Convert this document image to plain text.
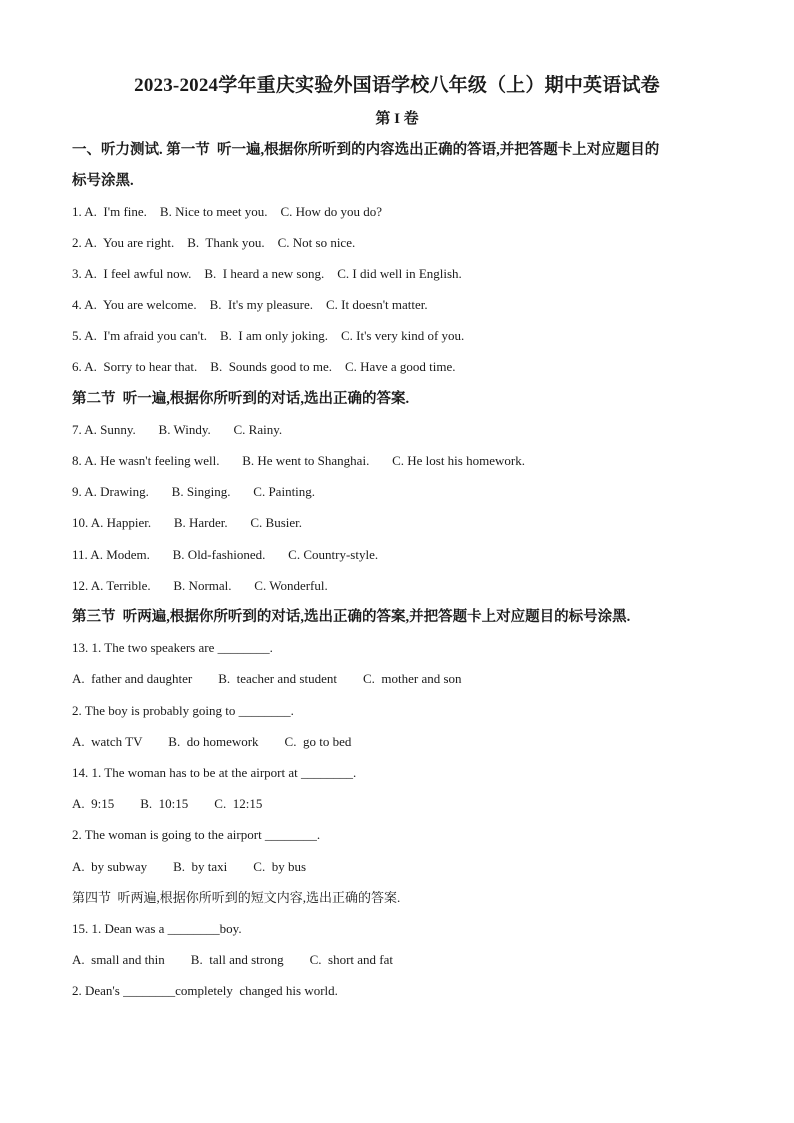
2023-2024学年重庆实验外国语学校八年级（上）期中英语试卷
第 I 卷
一、听力测试. 第一节  听一遍,根据你所听到的内容选出正确的答语,并把答题卡上对应题目的
标号涂黑.
1. A.  I'm fine.    B. Nice to meet you.    C. How do you do?
2. A.  You are right.    B.  Thank you.    C. Not so nice.
3. A.  I feel awful now.    B.  I heard a new song.    C. I did well in English.
4. A.  You are welcome.    B.  It's my pleasure.    C. It doesn't matter.
5. A.  I'm afraid you can't.    B.  I am only joking.    C. It's very kind of you.
6. A.  Sorry to hear that.    B.  Sounds good to me.    C. Have a good time.
第二节  听一遍,根据你所听到的对话,选出正确的答案.
7. A. Sunny.       B. Windy.       C. Rainy.
8. A. He wasn't feeling well.       B. He went to Shanghai.       C. He lost his homework.
9. A. Drawing.       B. Singing.       C. Painting.
10. A. Happier.       B. Harder.       C. Busier.
11. A. Modem.       B. Old-fashioned.       C. Country-style.
12. A. Terrible.       B. Normal.       C. Wonderful.
第三节  听两遍,根据你所听到的对话,选出正确的答案,并把答题卡上对应题目的标号涂黑.
13. 1. The two speakers are ________.
A.  father and daughter        B.  teacher and student        C.  mother and son
2. The boy is probably going to ________.
A.  watch TV        B.  do homework        C.  go to bed
14. 1. The woman has to be at the airport at ________.
A.  9:15        B.  10:15        C.  12:15
2. The woman is going to the airport ________.
A.  by subway        B.  by taxi        C.  by bus
第四节  听两遍,根据你所听到的短文内容,选出正确的答案.
15. 1. Dean was a ________boy.
A.  small and thin        B.  tall and strong        C.  short and fat
2. Dean's ________completely  changed his world.
